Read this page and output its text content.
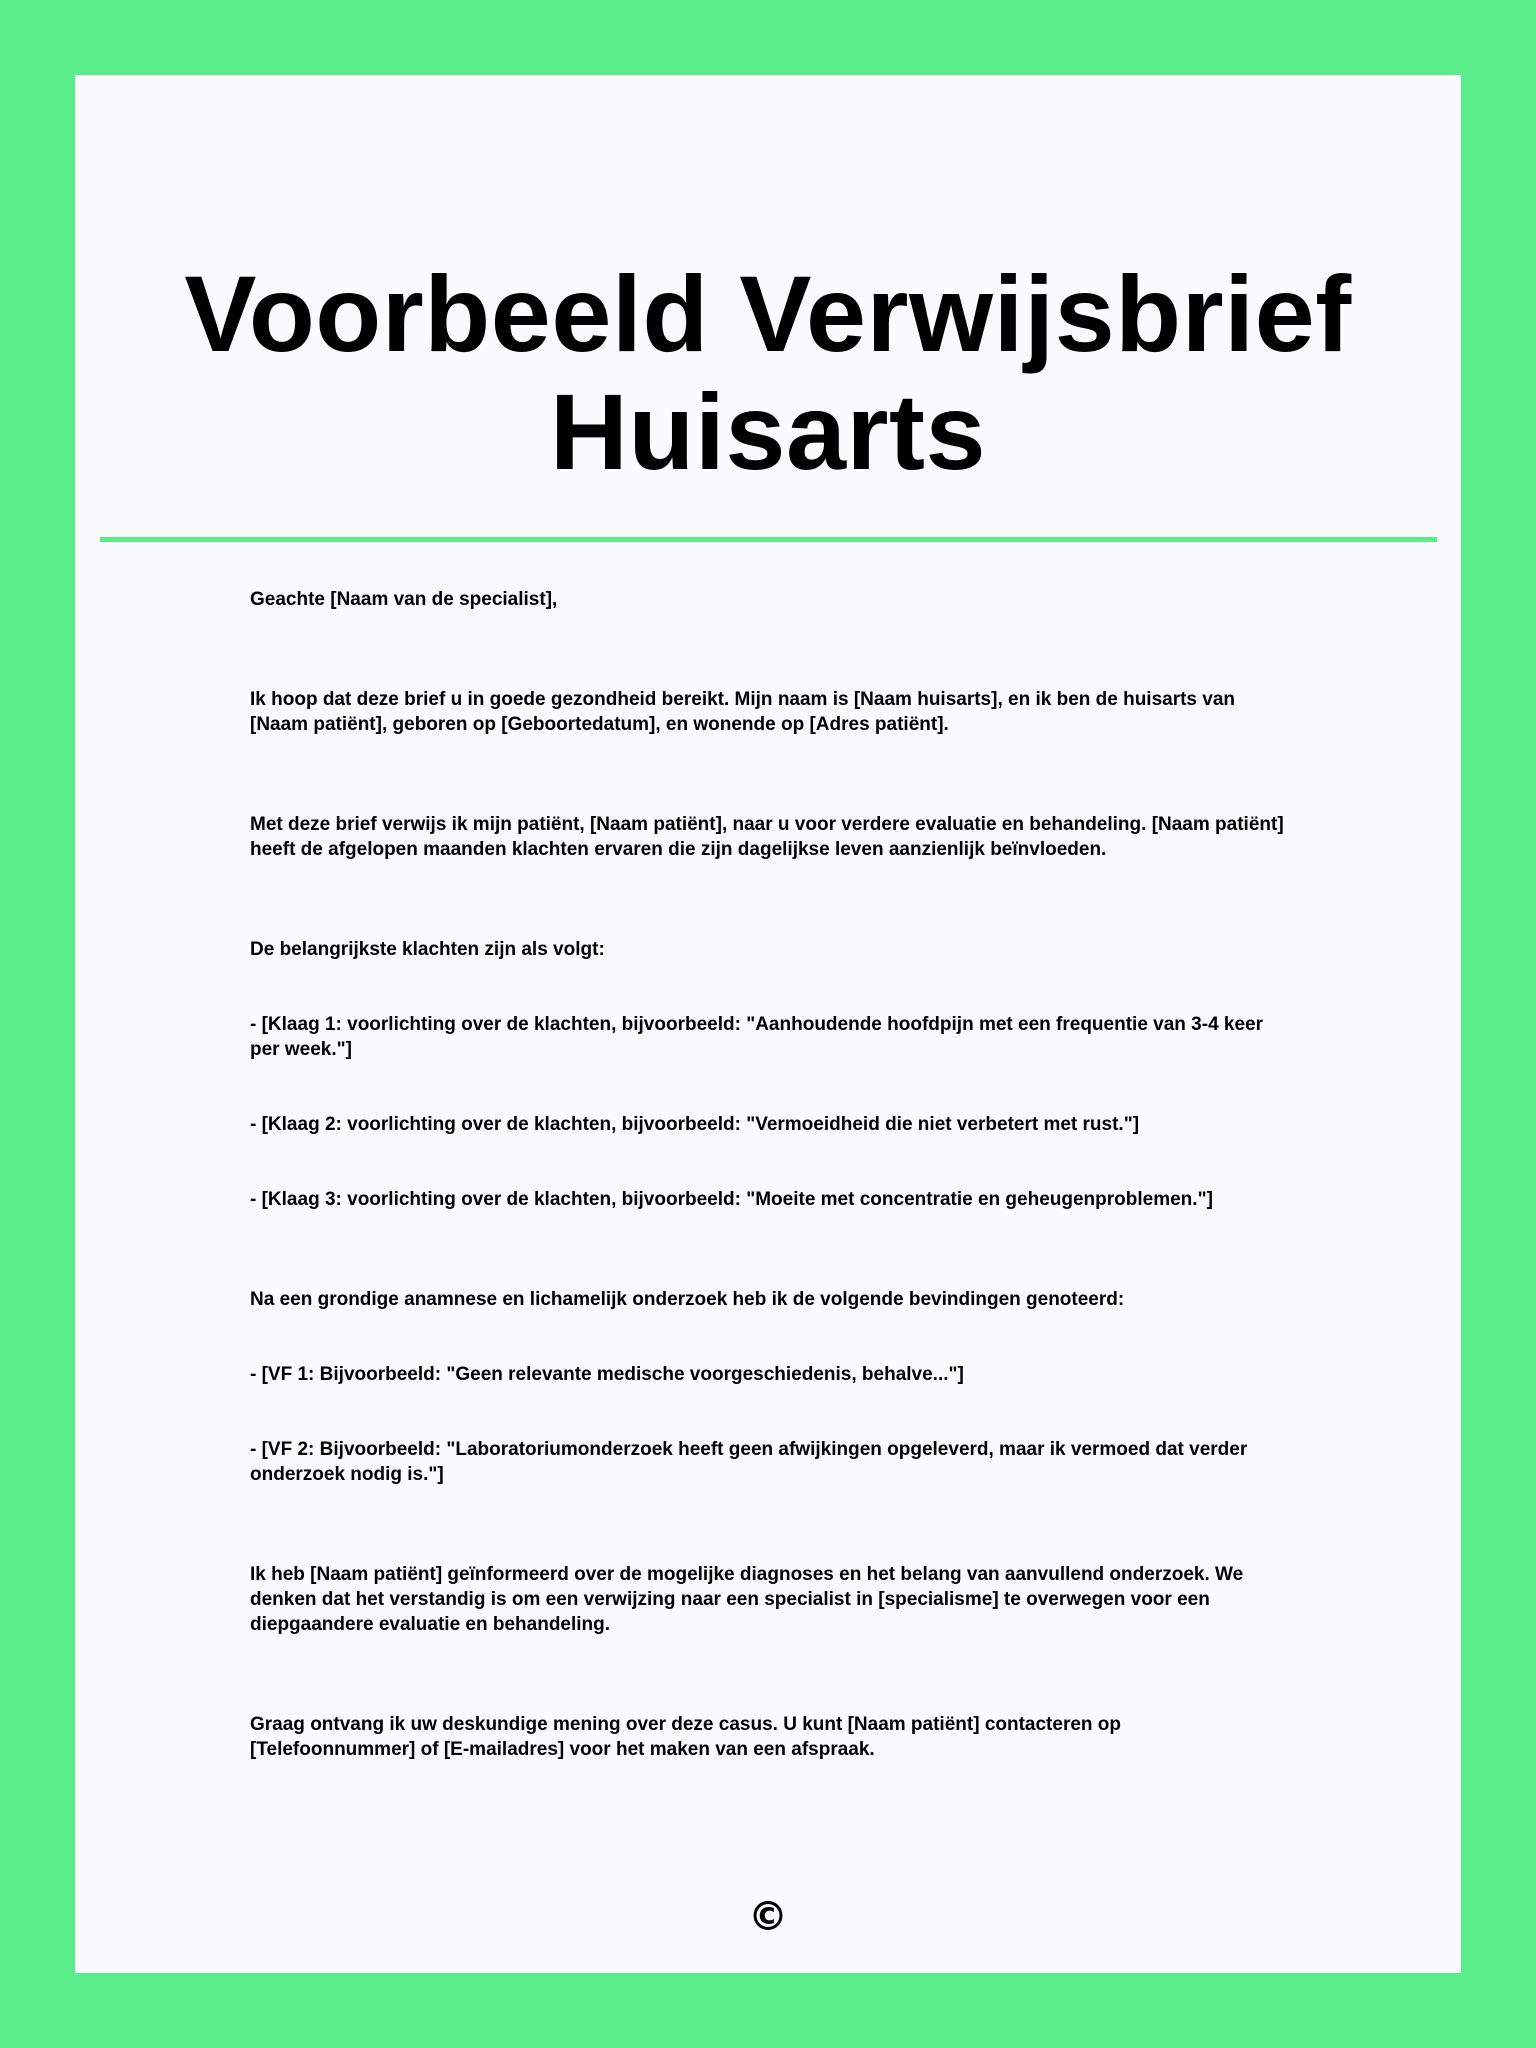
Voorbeeld Verwijsbrief
Huisarts

Geachte [Naam van de specialist],

Ik hoop dat deze brief u in goede gezondheid bereikt. Mijn naam is [Naam huisarts], en ik ben de huisarts van [Naam patiënt], geboren op [Geboortedatum], en wonende op [Adres patiënt].

Met deze brief verwijs ik mijn patiënt, [Naam patiënt], naar u voor verdere evaluatie en behandeling. [Naam patiënt] heeft de afgelopen maanden klachten ervaren die zijn dagelijkse leven aanzienlijk beïnvloeden.

De belangrijkste klachten zijn als volgt:

- [Klaag 1: voorlichting over de klachten, bijvoorbeeld: "Aanhoudende hoofdpijn met een frequentie van 3-4 keer per week."]

- [Klaag 2: voorlichting over de klachten, bijvoorbeeld: "Vermoeidheid die niet verbetert met rust."]

- [Klaag 3: voorlichting over de klachten, bijvoorbeeld: "Moeite met concentratie en geheugenproblemen."]

Na een grondige anamnese en lichamelijk onderzoek heb ik de volgende bevindingen genoteerd:

- [VF 1: Bijvoorbeeld: "Geen relevante medische voorgeschiedenis, behalve..."]

- [VF 2: Bijvoorbeeld: "Laboratoriumonderzoek heeft geen afwijkingen opgeleverd, maar ik vermoed dat verder onderzoek nodig is."]

Ik heb [Naam patiënt] geïnformeerd over de mogelijke diagnoses en het belang van aanvullend onderzoek. We denken dat het verstandig is om een verwijzing naar een specialist in [specialisme] te overwegen voor een diepgaandere evaluatie en behandeling.

Graag ontvang ik uw deskundige mening over deze casus. U kunt [Naam patiënt] contacteren op [Telefoonnummer] of [E-mailadres] voor het maken van een afspraak.

©
